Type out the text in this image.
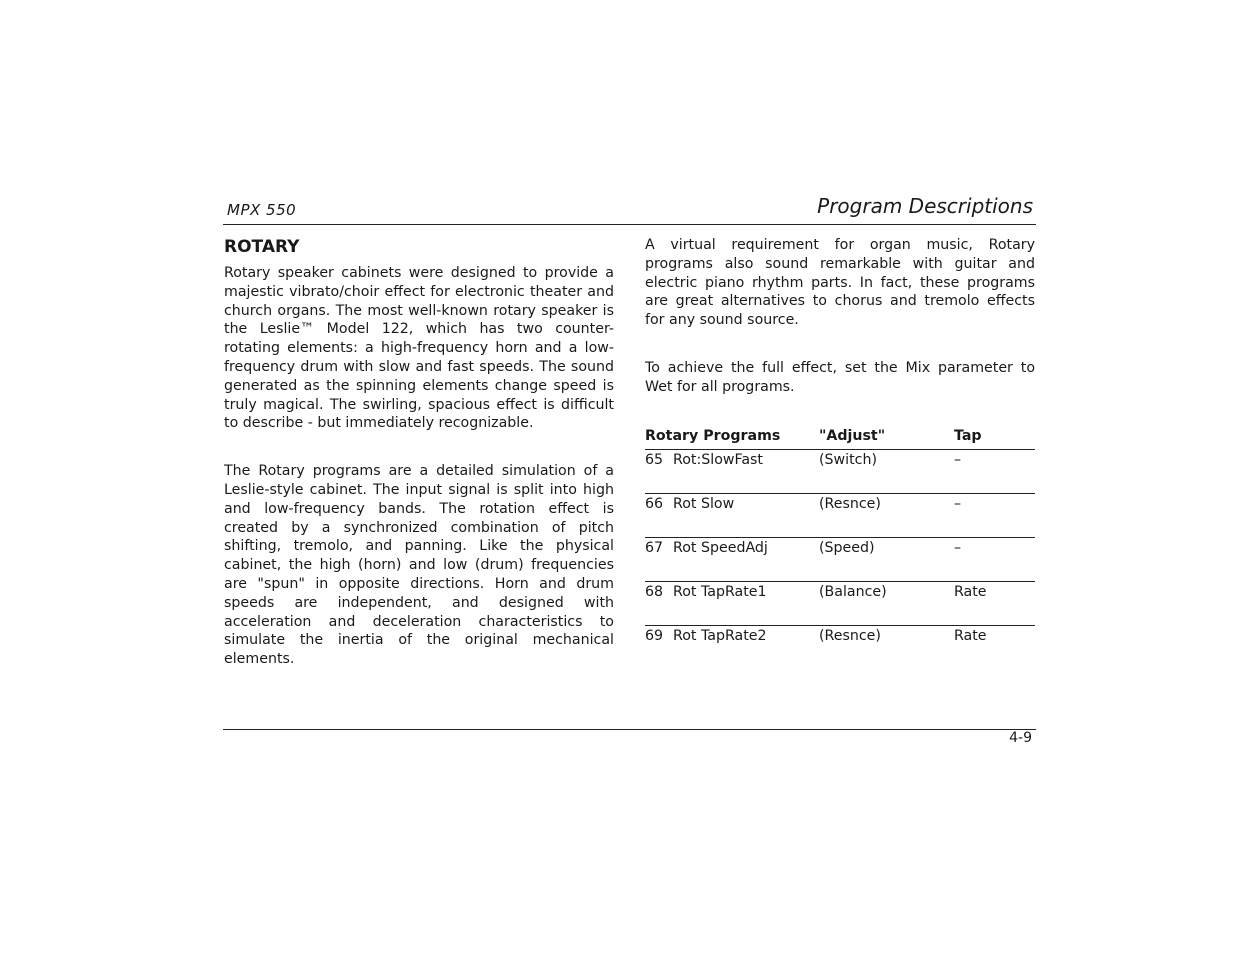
MPX 550	Program Descriptions
ROTARY

Rotary speaker cabinets were designed to provide a majestic vibrato/choir effect for electronic theater and church organs. The most well-known rotary speaker is the Leslie™ Model 122, which has two counter-rotating elements: a high-frequency horn and a low-frequency drum with slow and fast speeds. The sound generated as the spinning elements change speed is truly magical. The swirling, spacious effect is difficult to describe - but immediately recognizable.

The Rotary programs are a detailed simulation of a Leslie-style cabinet. The input signal is split into high and low-frequency bands. The rotation effect is created by a synchronized combination of pitch shifting, tremolo, and panning. Like the physical cabinet, the high (horn) and low (drum) frequencies are "spun" in opposite directions. Horn and drum speeds are independent, and designed with acceleration and deceleration characteristics to simulate the inertia of the original mechanical elements.

A virtual requirement for organ music, Rotary programs also sound remarkable with guitar and electric piano rhythm parts. In fact, these programs are great alternatives to chorus and tremolo effects for any sound source.

To achieve the full effect, set the Mix parameter to Wet for all programs.

Rotary Programs	"Adjust"	Tap
65 Rot:SlowFast	(Switch)	–
66 Rot Slow	(Resnce)	–
67 Rot SpeedAdj	(Speed)	–
68 Rot TapRate1	(Balance)	Rate
69 Rot TapRate2	(Resnce)	Rate
4-9
